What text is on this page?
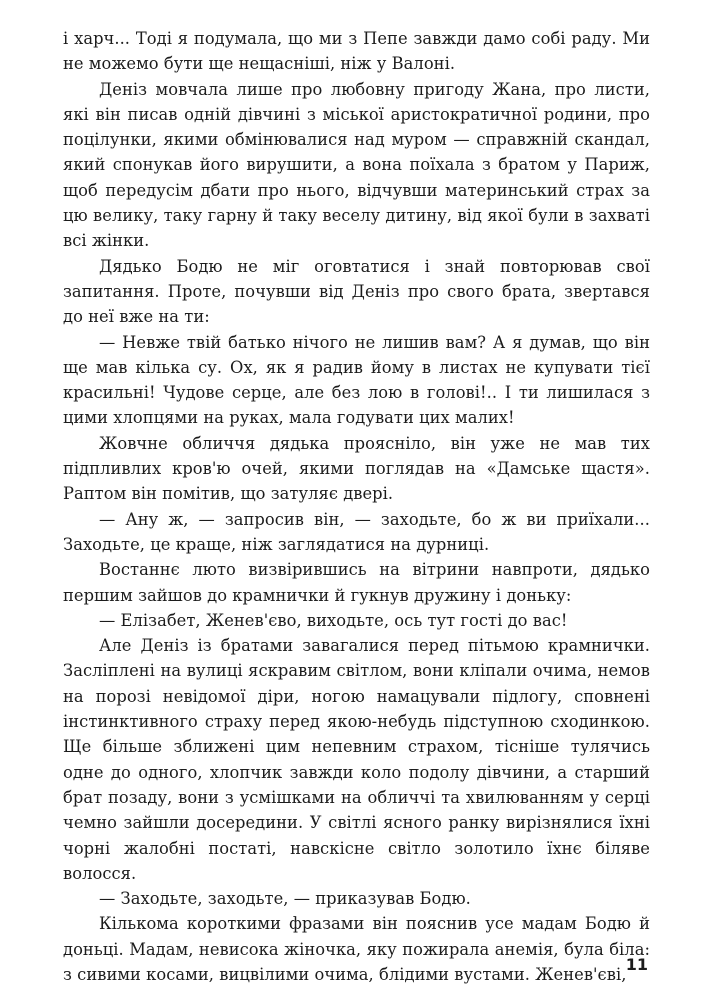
і харч... Тоді я подумала, що ми з Пепе завжди дамо собі раду. Ми не можемо бути ще нещасніші, ніж у Валоні.

Деніз мовчала лише про любовну пригоду Жана, про листи, які він писав одній дівчині з міської аристократичної родини, про поцілунки, якими обмінювалися над муром — справжній скандал, який спонукав його вирушити, а вона поїхала з братом у Париж, щоб передусім дбати про нього, відчувши материнський страх за цю велику, таку гарну й таку веселу дитину, від якої були в захваті всі жінки.

Дядько Бодю не міг оговтатися і знай повторював свої запитання. Проте, почувши від Деніз про свого брата, звертався до неї вже на ти:

— Невже твій батько нічого не лишив вам? А я думав, що він ще мав кілька су. Ох, як я радив йому в листах не купувати тієї красильні! Чудове серце, але без лою в голові!.. І ти лишилася з цими хлопцями на руках, мала годувати цих малих!

Жовчне обличчя дядька прояснілo, він уже не мав тих підпливлих кров'ю очей, якими поглядав на «Дамське щастя». Раптом він помітив, що затуляє двері.

— Ану ж, — запросив він, — заходьте, бо ж ви приїхали... Заходьте, це краще, ніж заглядатися на дурниці.

Востаннє люто визвірившись на вітрини навпроти, дядько першим зайшов до крамнички й гукнув дружину і доньку:

— Елізабет, Женев'єво, виходьте, ось тут гості до вас!

Але Деніз із братами завагалися перед пітьмою крамнички. Засліплені на вулиці яскравим світлом, вони кліпали очима, немов на порозі невідомої діри, ногою намацували підлогу, сповнені інстинктивного страху перед якою-небудь підступною сходинкою. Ще більше зближені цим непевним страхом, тісніше тулячись одне до одного, хлопчик завжди коло подолу дівчини, а старший брат позаду, вони з усмішками на обличчі та хвилюванням у серці чемно зайшли досередини. У світлі ясного ранку вирізнялися їхні чорні жалобні постаті, навскісне світло золотило їхнє біляве волосся.

— Заходьте, заходьте, — приказував Бодю.

Кількома короткими фразами він пояснив усе мадам Бодю й доньці. Мадам, невисока жіночка, яку пожирала анемія, була біла: з сивими косами, вицвілими очима, блідими вустами. Женев'єві,

11
